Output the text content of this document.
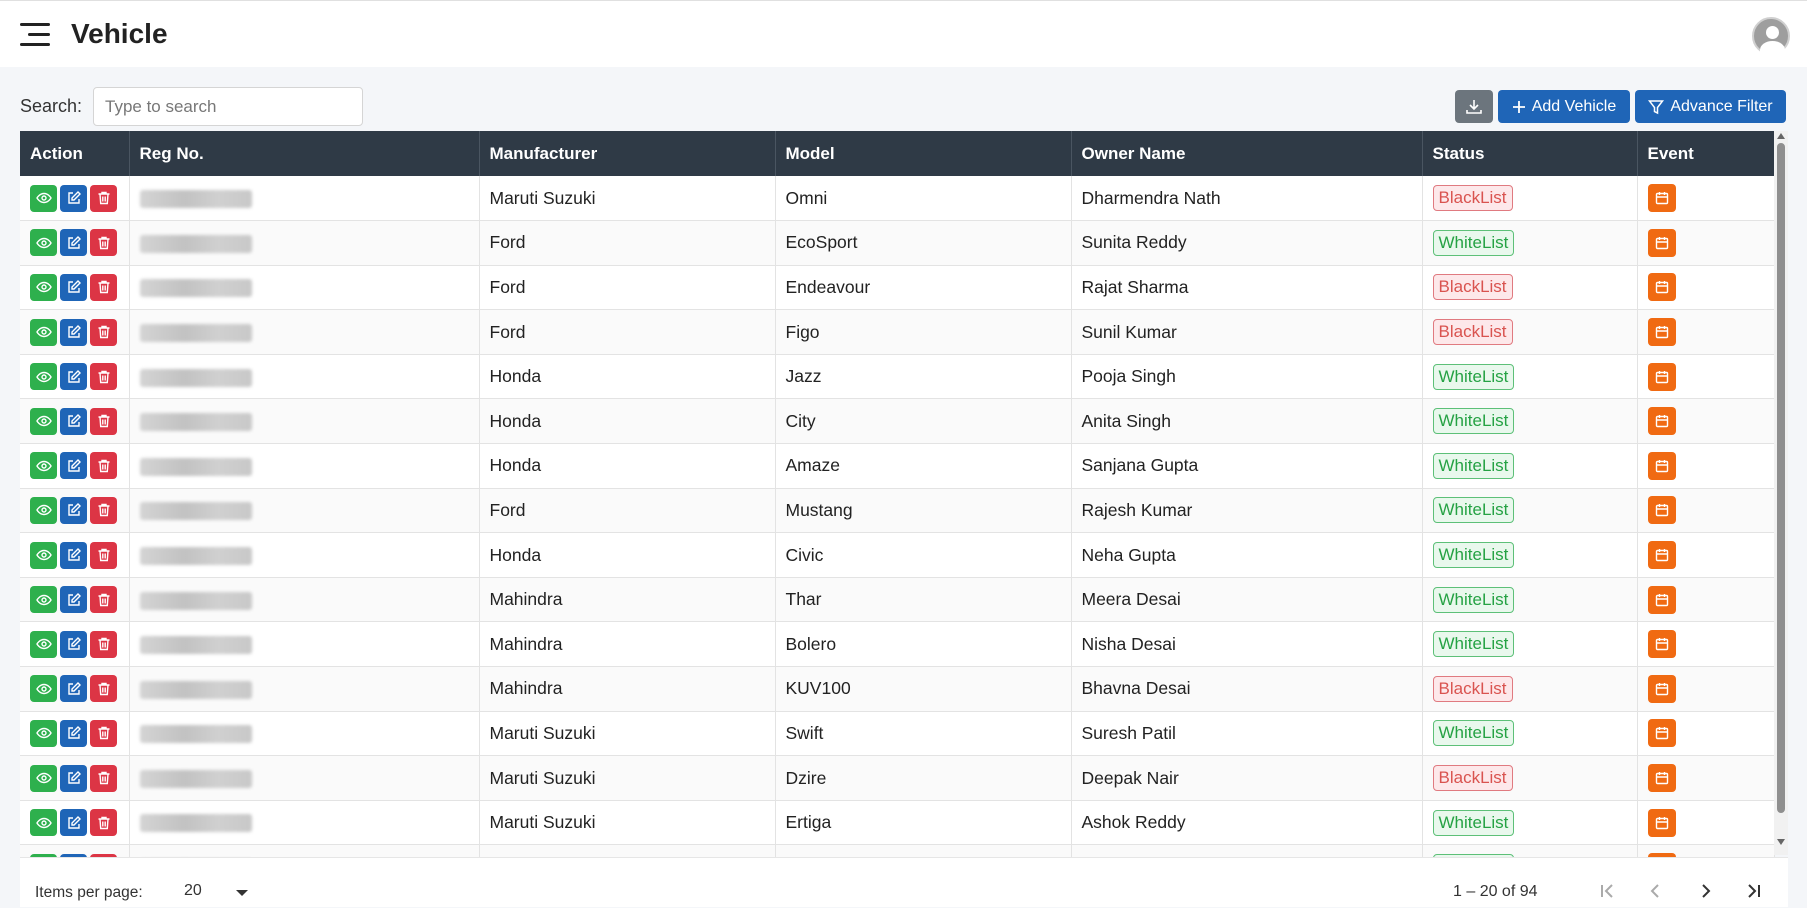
Vehicle
Search:
Type to search	Add Vehicle	Advance Filter
Action	Reg No.	Manufacturer	Model	Owner Name	Status	Event

		Maruti Suzuki	Omni	Dharmendra Nath	BlackList	

		Ford	EcoSport	Sunita Reddy	WhiteList	

		Ford	Endeavour	Rajat Sharma	BlackList	

		Ford	Figo	Sunil Kumar	BlackList	

		Honda	Jazz	Pooja Singh	WhiteList	

		Honda	City	Anita Singh	WhiteList	

		Honda	Amaze	Sanjana Gupta	WhiteList	

		Ford	Mustang	Rajesh Kumar	WhiteList	

		Honda	Civic	Neha Gupta	WhiteList	

		Mahindra	Thar	Meera Desai	WhiteList	

		Mahindra	Bolero	Nisha Desai	WhiteList	

		Mahindra	KUV100	Bhavna Desai	BlackList	

		Maruti Suzuki	Swift	Suresh Patil	WhiteList	

		Maruti Suzuki	Dzire	Deepak Nair	BlackList	

		Maruti Suzuki	Ertiga	Ashok Reddy	WhiteList	

Items per page:	20	1 – 20 of 94
